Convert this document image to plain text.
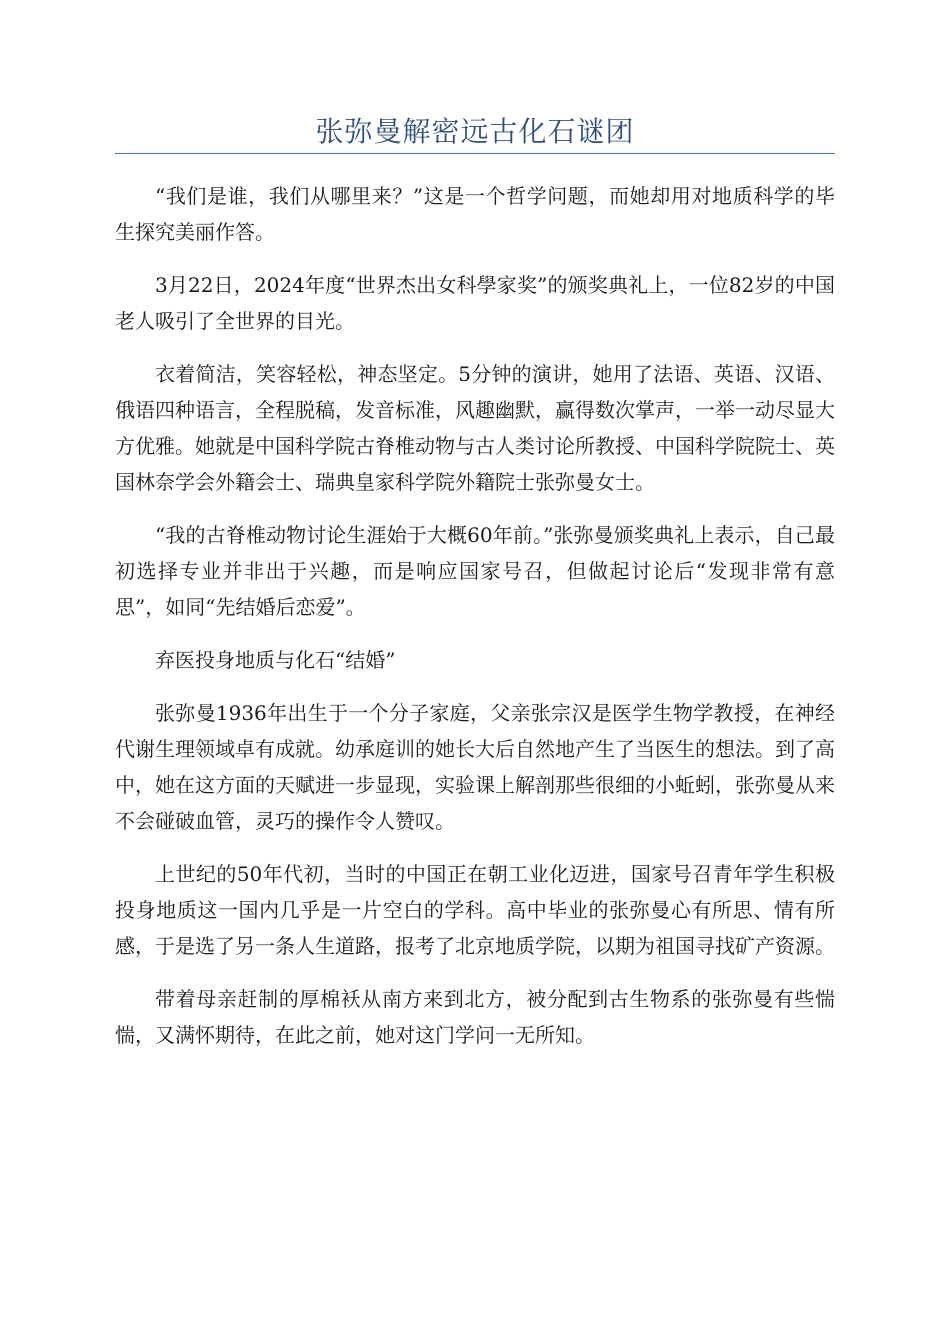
张弥曼解密远古化石谜团

“我们是谁，我们从哪里来？”这是一个哲学问题，而她却用对地质科学的毕生探究美丽作答。

3月22日，2024年度“世界杰出女科學家奖”的颁奖典礼上，一位82岁的中国老人吸引了全世界的目光。

衣着简洁，笑容轻松，神态坚定。5分钟的演讲，她用了法语、英语、汉语、俄语四种语言，全程脱稿，发音标准，风趣幽默，赢得数次掌声，一举一动尽显大方优雅。她就是中国科学院古脊椎动物与古人类讨论所教授、中国科学院院士、英国林奈学会外籍会士、瑞典皇家科学院外籍院士张弥曼女士。

“我的古脊椎动物讨论生涯始于大概60年前。”张弥曼颁奖典礼上表示，自己最初选择专业并非出于兴趣，而是响应国家号召，但做起讨论后“发现非常有意思”，如同“先结婚后恋爱”。

弃医投身地质与化石“结婚”

张弥曼1936年出生于一个分子家庭，父亲张宗汉是医学生物学教授，在神经代谢生理领域卓有成就。幼承庭训的她长大后自然地产生了当医生的想法。到了高中，她在这方面的天赋进一步显现，实验课上解剖那些很细的小蚯蚓，张弥曼从来不会碰破血管，灵巧的操作令人赞叹。

上世纪的50年代初，当时的中国正在朝工业化迈进，国家号召青年学生积极投身地质这一国内几乎是一片空白的学科。高中毕业的张弥曼心有所思、情有所感，于是选了另一条人生道路，报考了北京地质学院，以期为祖国寻找矿产资源。

带着母亲赶制的厚棉袄从南方来到北方，被分配到古生物系的张弥曼有些惴惴，又满怀期待，在此之前，她对这门学问一无所知。
